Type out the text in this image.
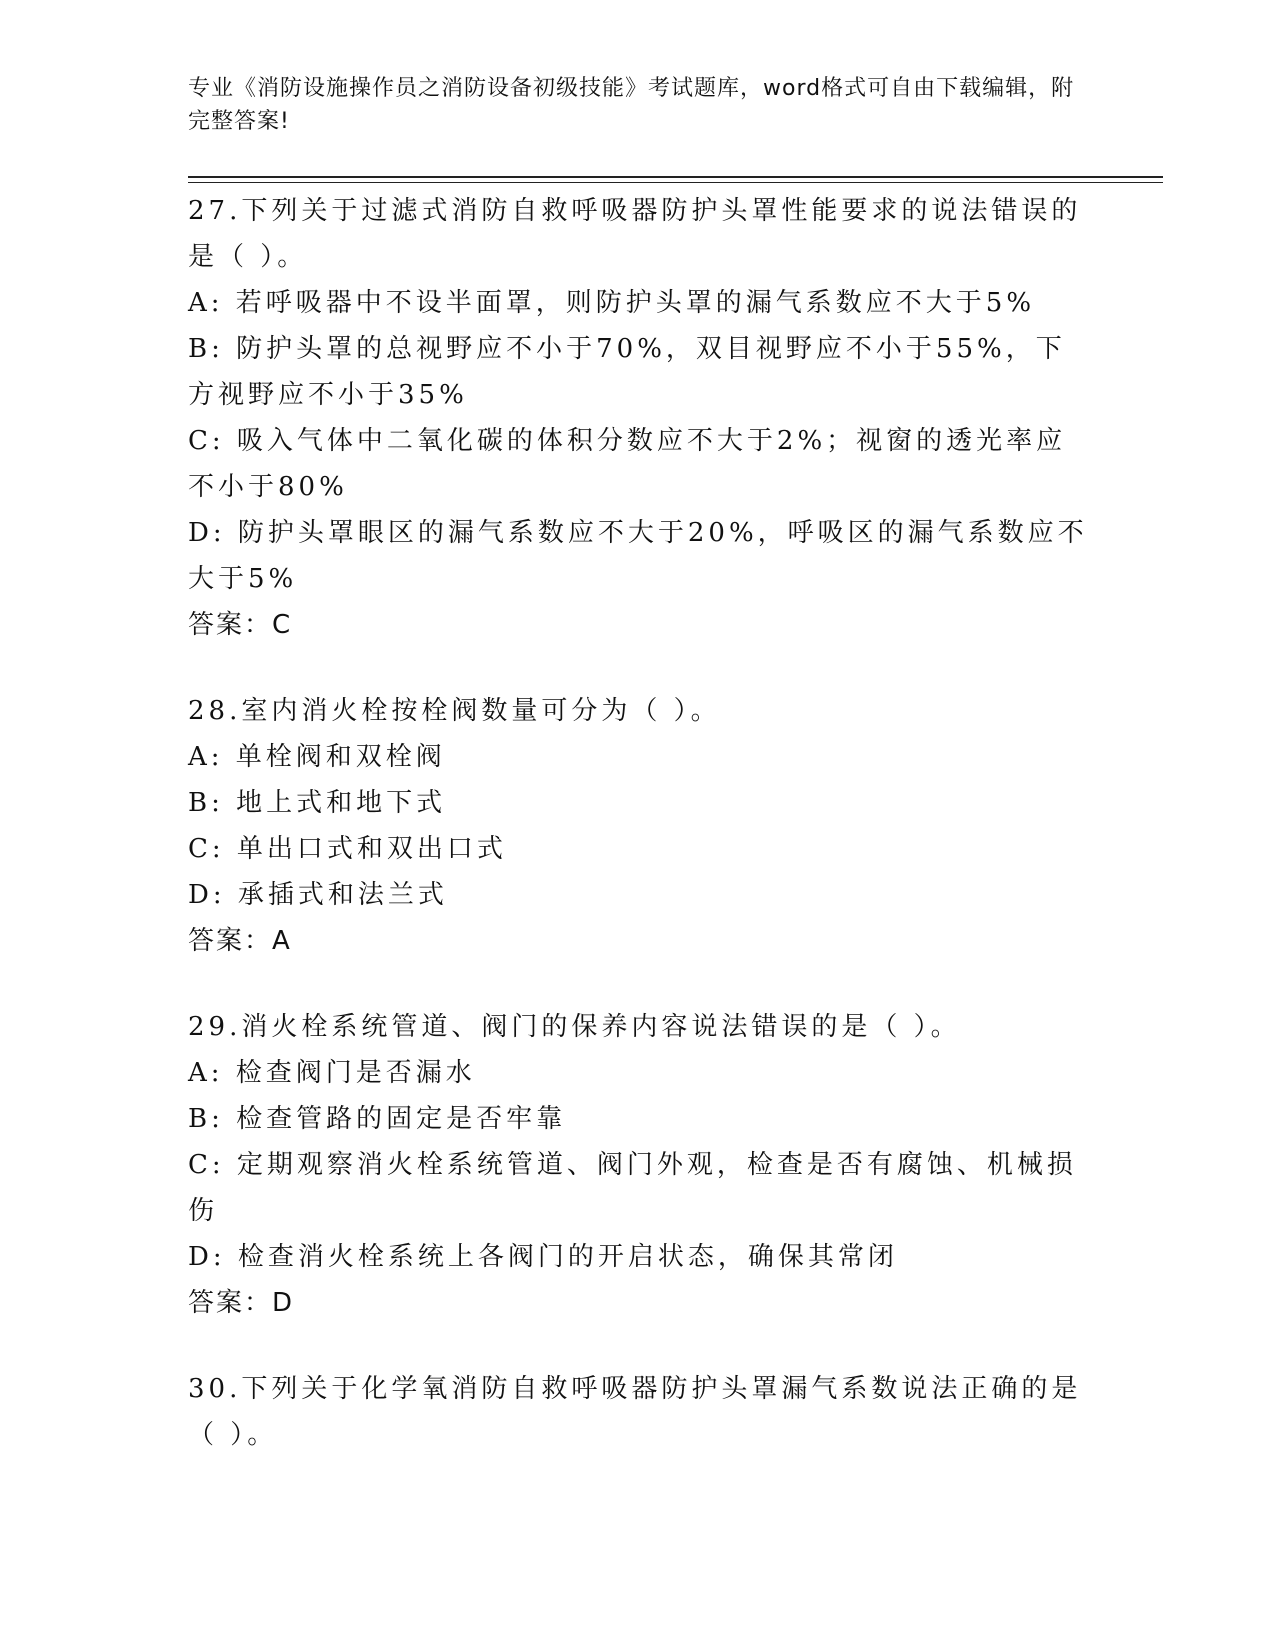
专业《消防设施操作员之消防设备初级技能》考试题库，word格式可自由下载编辑，附完整答案!

27.下列关于过滤式消防自救呼吸器防护头罩性能要求的说法错误的是（ ）。

A: 若呼吸器中不设半面罩，则防护头罩的漏气系数应不大于5%

B: 防护头罩的总视野应不小于70%，双目视野应不小于55%，下方视野应不小于35%

C: 吸入气体中二氧化碳的体积分数应不大于2%；视窗的透光率应不小于80%

D: 防护头罩眼区的漏气系数应不大于20%，呼吸区的漏气系数应不大于5%

答案：C

28.室内消火栓按栓阀数量可分为（ ）。

A: 单栓阀和双栓阀

B: 地上式和地下式

C: 单出口式和双出口式

D: 承插式和法兰式

答案：A

29.消火栓系统管道、阀门的保养内容说法错误的是（ ）。

A: 检查阀门是否漏水

B: 检查管路的固定是否牢靠

C: 定期观察消火栓系统管道、阀门外观，检查是否有腐蚀、机械损伤

D: 检查消火栓系统上各阀门的开启状态，确保其常闭

答案：D

30.下列关于化学氧消防自救呼吸器防护头罩漏气系数说法正确的是（ ）。
